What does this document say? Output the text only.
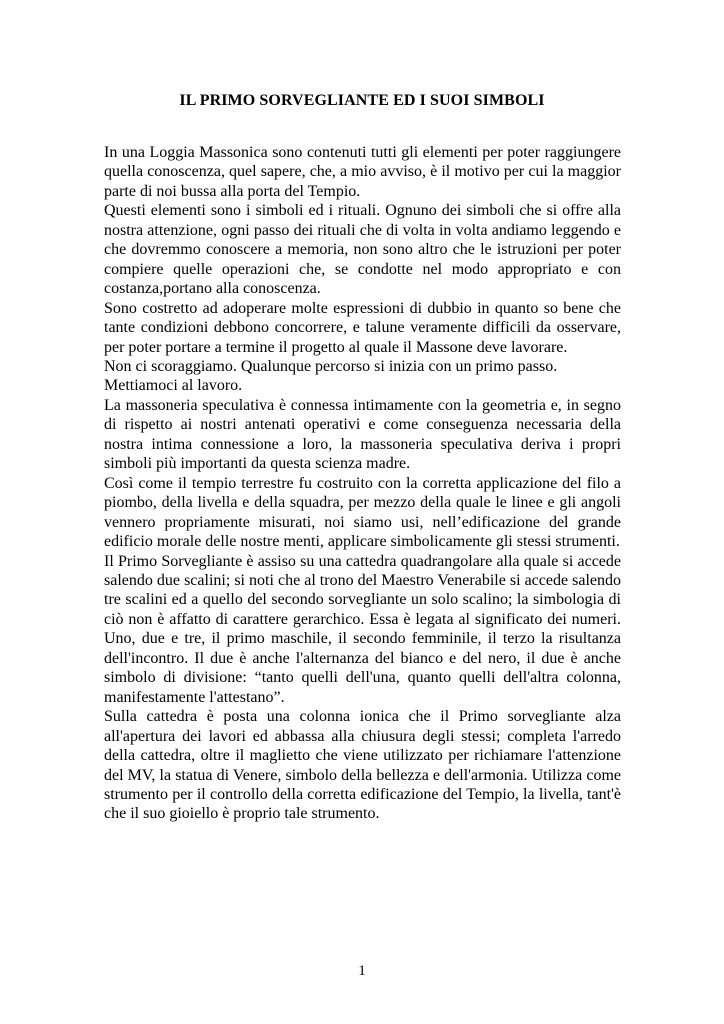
IL PRIMO SORVEGLIANTE ED I SUOI SIMBOLI

In una Loggia Massonica sono contenuti tutti gli elementi per poter raggiungere quella conoscenza, quel sapere, che, a mio avviso, è il motivo per cui la maggior parte di noi bussa alla porta del Tempio.

Questi elementi sono i simboli ed i rituali. Ognuno dei simboli che si offre alla nostra attenzione, ogni passo dei rituali che di volta in volta andiamo leggendo e che dovremmo conoscere a memoria, non sono altro che le istruzioni per poter compiere quelle operazioni che, se condotte nel modo appropriato e con costanza,portano alla conoscenza.

Sono costretto ad adoperare molte espressioni di dubbio in quanto so bene che tante condizioni debbono concorrere, e talune veramente difficili da osservare, per poter portare a termine il progetto al quale il Massone deve lavorare.

Non ci scoraggiamo. Qualunque percorso si inizia con un primo passo.

Mettiamoci al lavoro.

La massoneria speculativa è connessa intimamente con la geometria e, in segno di rispetto ai nostri antenati operativi e come conseguenza necessaria della nostra intima connessione a loro, la massoneria speculativa deriva i propri simboli più importanti da questa scienza madre.

Così come il tempio terrestre fu costruito con la corretta applicazione del filo a piombo, della livella e della squadra, per mezzo della quale le linee e gli angoli vennero propriamente misurati, noi siamo usi, nell’edificazione del grande edificio morale delle nostre menti, applicare simbolicamente gli stessi strumenti.

Il Primo Sorvegliante è assiso su una cattedra quadrangolare alla quale si accede salendo due scalini; si noti che al trono del Maestro Venerabile si accede salendo tre scalini ed a quello del secondo sorvegliante un solo scalino; la simbologia di ciò non è affatto di carattere gerarchico. Essa è legata al significato dei numeri. Uno, due e tre, il primo maschile, il secondo femminile, il terzo la risultanza dell'incontro. Il due è anche l'alternanza del bianco e del nero, il due è anche simbolo di divisione: “tanto quelli dell'una, quanto quelli dell'altra colonna, manifestamente l'attestano”.

Sulla cattedra è posta una colonna ionica che il Primo sorvegliante alza all'apertura dei lavori ed abbassa alla chiusura degli stessi; completa l'arredo della cattedra, oltre il maglietto che viene utilizzato per richiamare l'attenzione del MV, la statua di Venere, simbolo della bellezza e dell'armonia. Utilizza come strumento per il controllo della corretta edificazione del Tempio, la livella, tant'è che il suo gioiello è proprio tale strumento.

1
